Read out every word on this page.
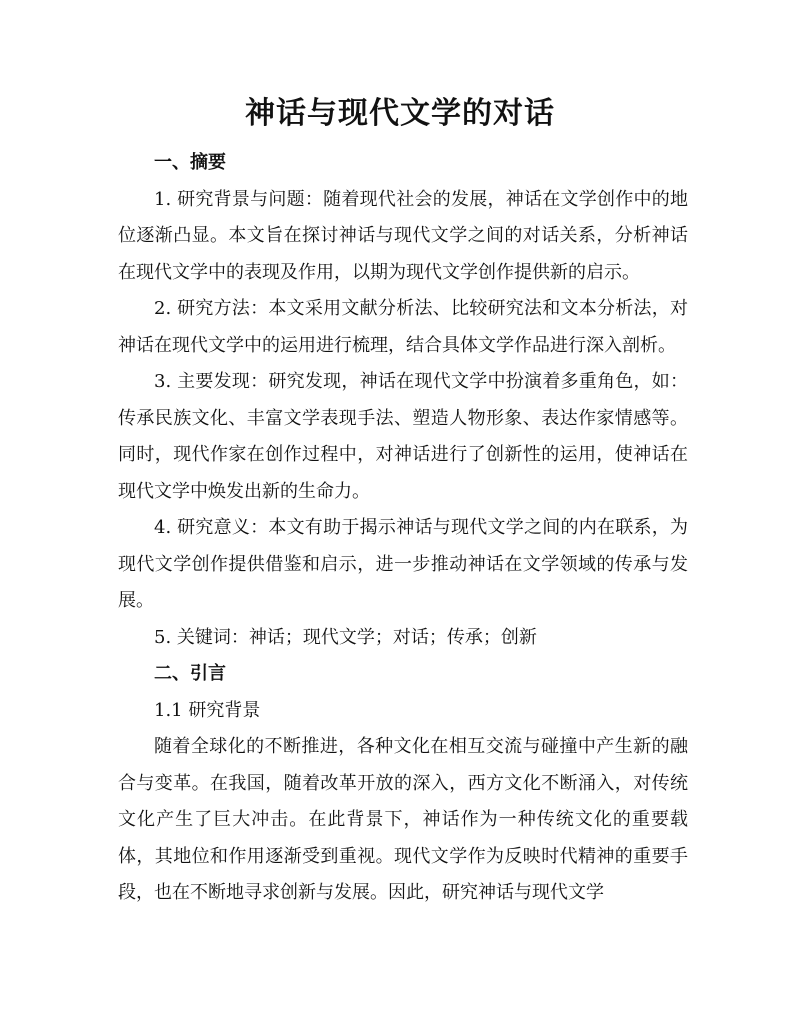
神话与现代文学的对话

一、摘要

1. 研究背景与问题：随着现代社会的发展，神话在文学创作中的地位逐渐凸显。本文旨在探讨神话与现代文学之间的对话关系，分析神话在现代文学中的表现及作用，以期为现代文学创作提供新的启示。

2. 研究方法：本文采用文献分析法、比较研究法和文本分析法，对神话在现代文学中的运用进行梳理，结合具体文学作品进行深入剖析。

3. 主要发现：研究发现，神话在现代文学中扮演着多重角色，如：传承民族文化、丰富文学表现手法、塑造人物形象、表达作家情感等。同时，现代作家在创作过程中，对神话进行了创新性的运用，使神话在现代文学中焕发出新的生命力。

4. 研究意义：本文有助于揭示神话与现代文学之间的内在联系，为现代文学创作提供借鉴和启示，进一步推动神话在文学领域的传承与发展。

5. 关键词：神话；现代文学；对话；传承；创新

二、引言

1.1 研究背景

随着全球化的不断推进，各种文化在相互交流与碰撞中产生新的融合与变革。在我国，随着改革开放的深入，西方文化不断涌入，对传统文化产生了巨大冲击。在此背景下，神话作为一种传统文化的重要载体，其地位和作用逐渐受到重视。现代文学作为反映时代精神的重要手段，也在不断地寻求创新与发展。因此，研究神话与现代文学
